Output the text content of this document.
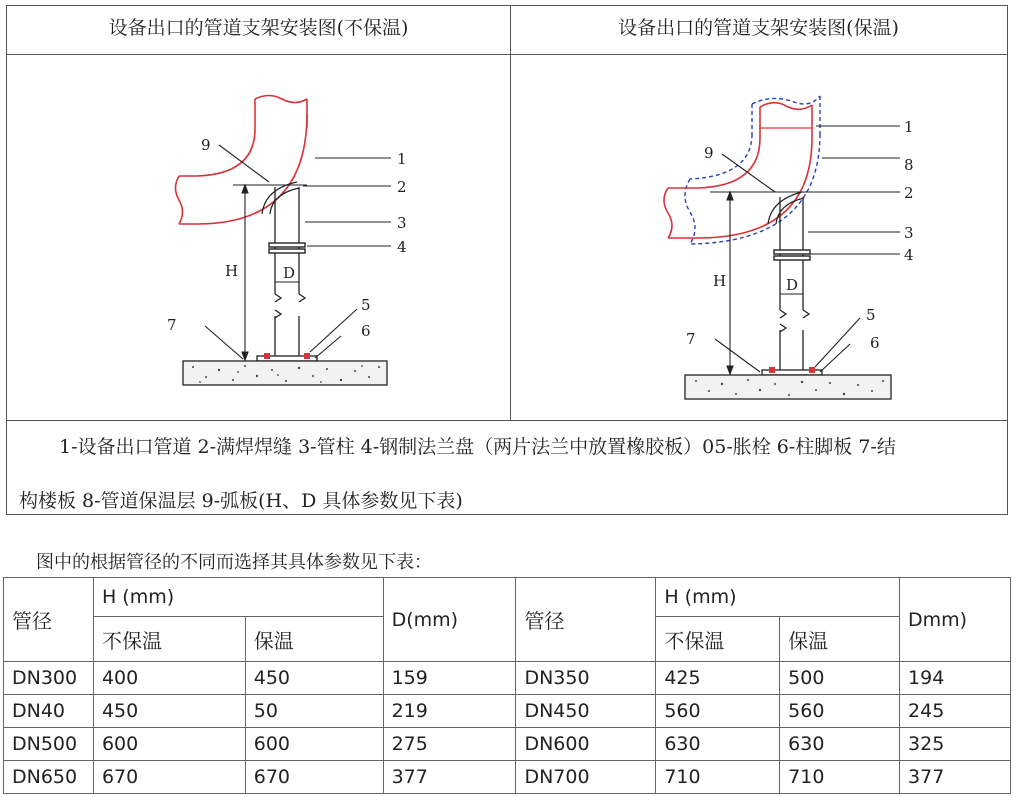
设备出口的管道支架安装图(不保温)	设备出口的管道支架安装图(保温)
H	D
1
2
3
4
5
6
7
9
H	D
1
8
2
3
4
5
6
7
9

1-设备出口管道 2-满焊焊缝 3-管柱 4-钢制法兰盘（两片法兰中放置橡胶板）05-胀栓 6-柱脚板 7-结

构楼板 8-管道保温层 9-弧板(H、D 具体参数见下表)
图中的根据管径的不同而选择其具体参数见下表：
管径	H (mm)		D(mm)	管径	H (mm)		Dmm)
	不保温	保温			不保温	保温	
DN300	400	450	159	DN350	425	500	194
DN40	450	50	219	DN450	560	560	245
DN500	600	600	275	DN600	630	630	325
DN650	670	670	377	DN700	710	710	377
